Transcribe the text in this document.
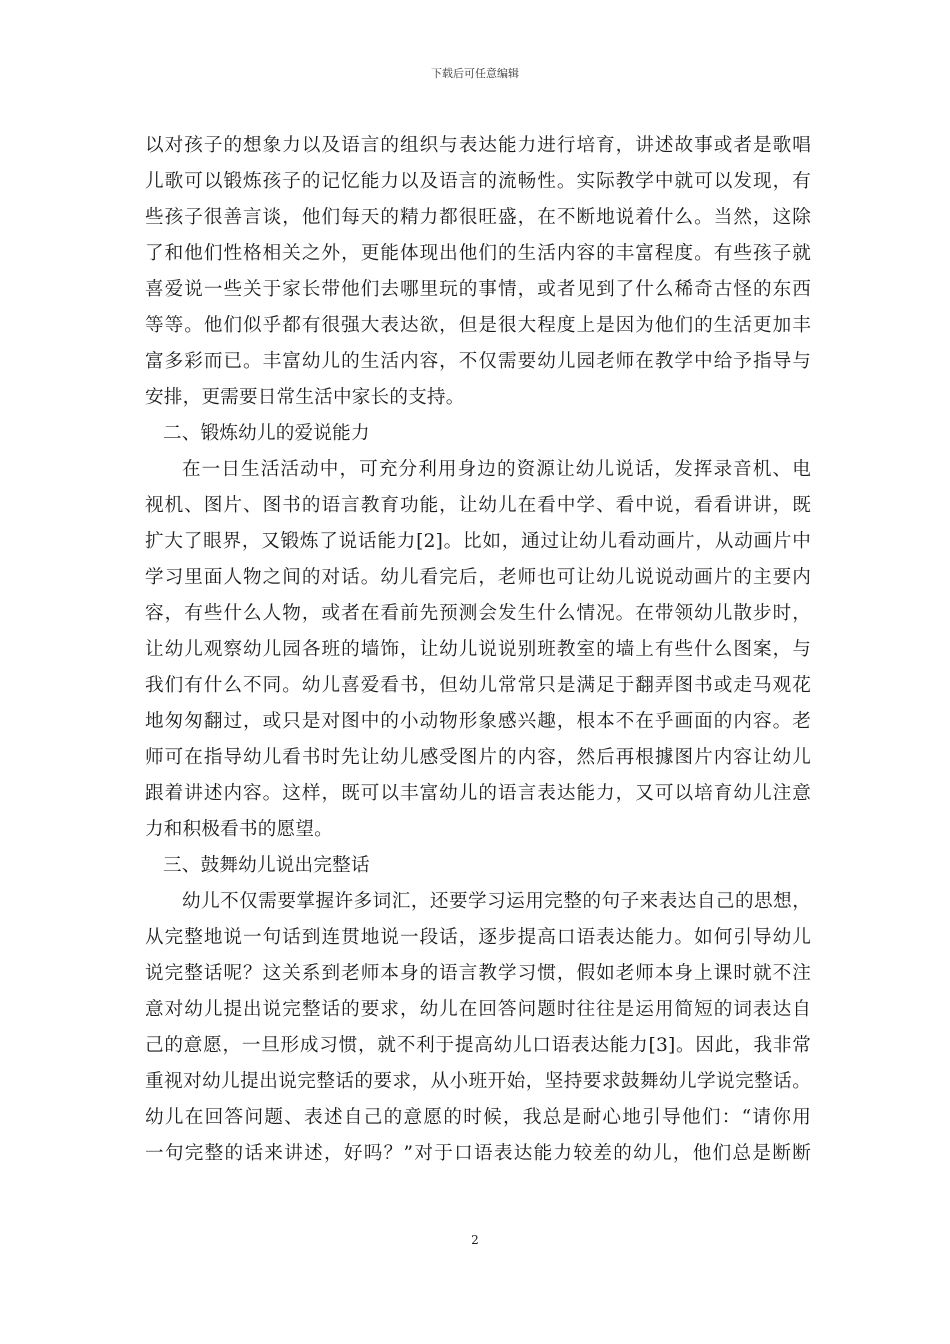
下载后可任意编辑
以对孩子的想象力以及语言的组织与表达能力进行培育，讲述故事或者是歌唱
儿歌可以锻炼孩子的记忆能力以及语言的流畅性。实际教学中就可以发现，有
些孩子很善言谈，他们每天的精力都很旺盛，在不断地说着什么。当然，这除
了和他们性格相关之外，更能体现出他们的生活内容的丰富程度。有些孩子就
喜爱说一些关于家长带他们去哪里玩的事情，或者见到了什么稀奇古怪的东西
等等。他们似乎都有很强大表达欲，但是很大程度上是因为他们的生活更加丰
富多彩而已。丰富幼儿的生活内容，不仅需要幼儿园老师在教学中给予指导与
安排，更需要日常生活中家长的支持。
二、锻炼幼儿的爱说能力
在一日生活活动中，可充分利用身边的资源让幼儿说话，发挥录音机、电
视机、图片、图书的语言教育功能，让幼儿在看中学、看中说，看看讲讲，既
扩大了眼界，又锻炼了说话能力[2]。比如，通过让幼儿看动画片，从动画片中
学习里面人物之间的对话。幼儿看完后，老师也可让幼儿说说动画片的主要内
容，有些什么人物，或者在看前先预测会发生什么情况。在带领幼儿散步时，
让幼儿观察幼儿园各班的墙饰，让幼儿说说别班教室的墙上有些什么图案，与
我们有什么不同。幼儿喜爱看书，但幼儿常常只是满足于翻弄图书或走马观花
地匆匆翻过，或只是对图中的小动物形象感兴趣，根本不在乎画面的内容。老
师可在指导幼儿看书时先让幼儿感受图片的内容，然后再根據图片内容让幼儿
跟着讲述内容。这样，既可以丰富幼儿的语言表达能力，又可以培育幼儿注意
力和积极看书的愿望。
三、鼓舞幼儿说出完整话
幼儿不仅需要掌握许多词汇，还要学习运用完整的句子来表达自己的思想，
从完整地说一句话到连贯地说一段话，逐步提高口语表达能力。如何引导幼儿
说完整话呢？这关系到老师本身的语言教学习惯，假如老师本身上课时就不注
意对幼儿提出说完整话的要求，幼儿在回答问题时往往是运用简短的词表达自
己的意愿，一旦形成习惯，就不利于提高幼儿口语表达能力[3]。因此，我非常
重视对幼儿提出说完整话的要求，从小班开始，坚持要求鼓舞幼儿学说完整话。
幼儿在回答问题、表述自己的意愿的时候，我总是耐心地引导他们：“请你用
一句完整的话来讲述，好吗？”对于口语表达能力较差的幼儿，他们总是断断
2
